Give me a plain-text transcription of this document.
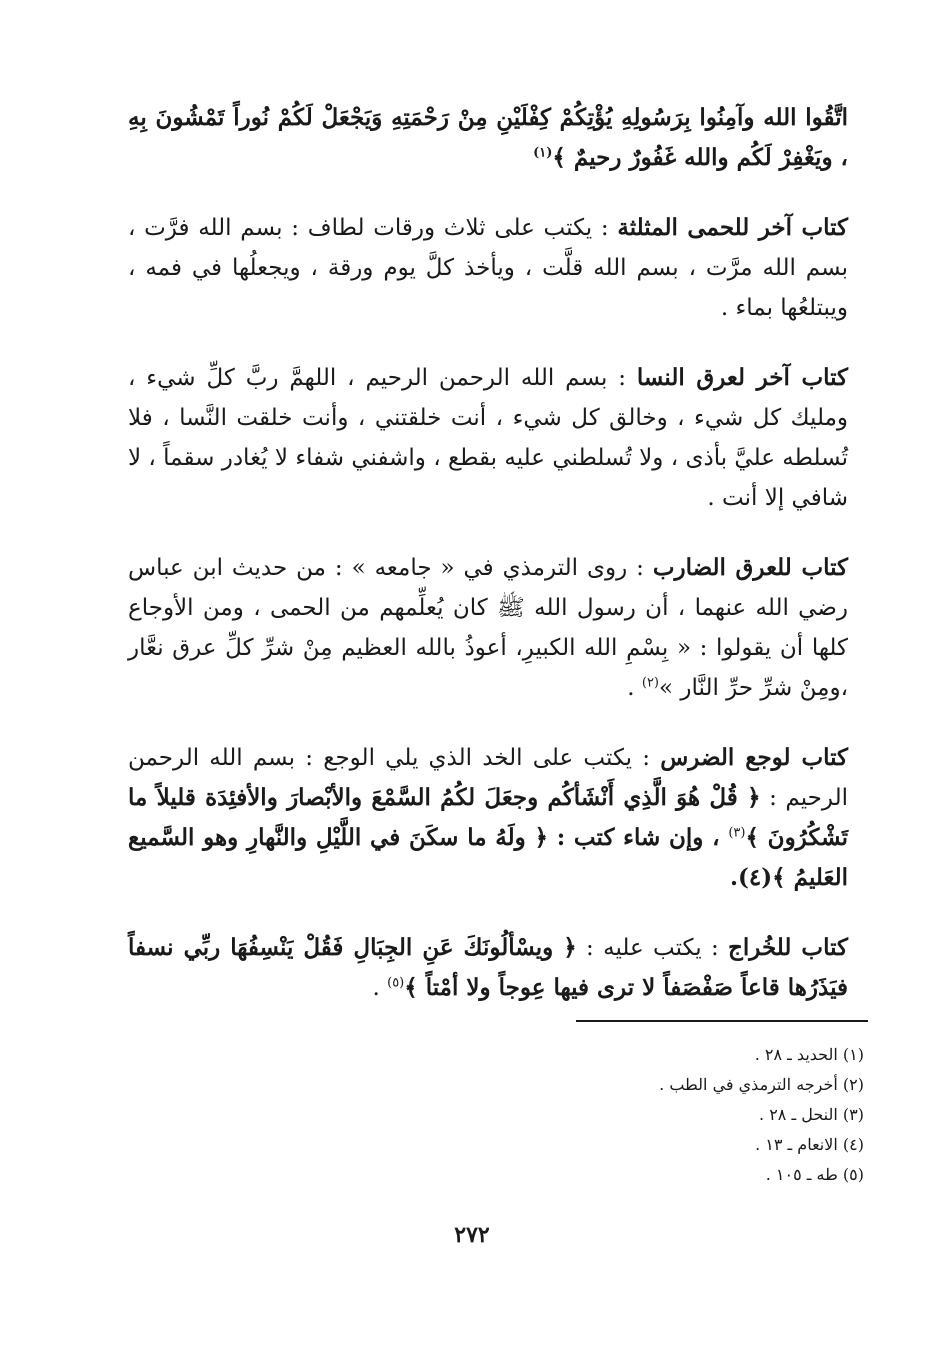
اتَّقُوا الله وآمِنُوا بِرَسُولِهِ يُؤْتِكُمْ كِفْلَيْنِ مِنْ رَحْمَتِهِ وَيَجْعَلْ لَكُمْ نُوراً تَمْشُونَ بِهِ ، ويَغْفِرْ لَكُم والله غَفُورٌ رحيمٌ ﴾$^{(١)}$

كتاب آخر للحمى المثلثة : يكتب على ثلاث ورقات لطاف : بسم الله فرَّت ، بسم الله مرَّت ، بسم الله قلَّت ، ويأخذ كلَّ يوم ورقة ، ويجعلُها في فمه ، ويبتلعُها بماء .

كتاب آخر لعرق النسا : بسم الله الرحمن الرحيم ، اللهمَّ ربَّ كلِّ شيء ، ومليك كل شيء ، وخالق كل شيء ، أنت خلقتني ، وأنت خلقت النَّسا ، فلا تُسلطه عليَّ بأذى ، ولا تُسلطني عليه بقطع ، واشفني شفاء لا يُغادر سقماً ، لا شافي إلا أنت .

كتاب للعرق الضارب : روى الترمذي في « جامعه » : من حديث ابن عباس رضي الله عنهما ، أن رسول الله ﷺ كان يُعلِّمهم من الحمى ، ومن الأوجاع كلها أن يقولوا : « بِسْمِ الله الكبيرِ، أعوذُ بالله العظيم مِنْ شرِّ كلِّ عرق نعَّار ،ومِنْ شرِّ حرِّ النَّار »$^{(٢)}$ .

كتاب لوجع الضرس : يكتب على الخد الذي يلي الوجع : بسم الله الرحمن الرحيم : ﴿ قُلْ هُوَ الَّذِي أَنْشَأكُم وجعَلَ لكُمُ السَّمْعَ والأبْصارَ والأفئِدَة قليلاً ما تَشْكُرُونَ ﴾$^{(٣)}$ ، وإن شاء كتب : ﴿ ولَهُ ما سكَنَ في اللَّيْلِ والنَّهارِ وهو السَّميع العَليمُ ﴾(٤).

كتاب للخُراج : يكتب عليه : ﴿ ويسْألُونَكَ عَنِ الجِبَالِ فَقُلْ يَنْسِفُهَا ربِّي نسفاً فيَذَرُها قاعاً صَفْصَفاً لا ترى فيها عِوجاً ولا أمْتاً ﴾$^{(٥)}$ .

(١) الحديد ـ ٢٨ .

(٢) أخرجه الترمذي في الطب .

(٣) النحل ـ ٢٨ .

(٤) الانعام ـ ١٣ .

(٥) طه ـ ١٠٥ .

٢٧٢
